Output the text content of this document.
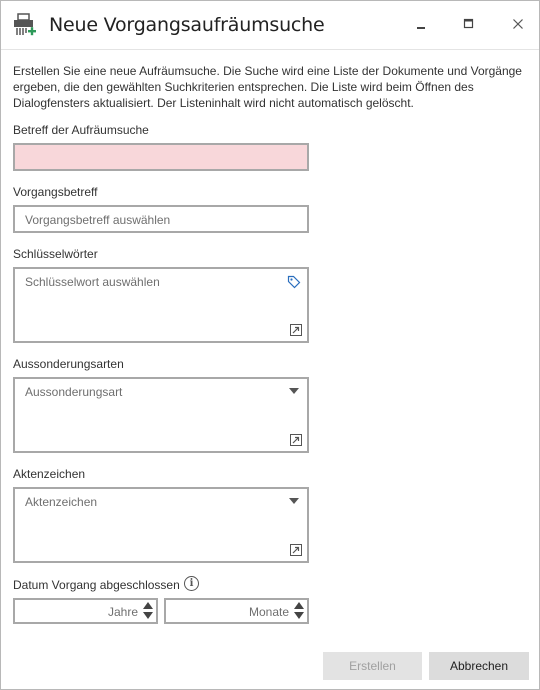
Neue Vorgangsaufräumsuche

Erstellen Sie eine neue Aufräumsuche. Die Suche wird eine Liste der Dokumente und Vorgänge ergeben, die den gewählten Suchkriterien entsprechen. Die Liste wird beim Öffnen des Dialogfensters aktualisiert. Der Listeninhalt wird nicht automatisch gelöscht.

Betreff der Aufräumsuche
Vorgangsbetreff
Vorgangsbetreff auswählen
Schlüsselwörter
Schlüsselwort auswählen
Aussonderungsarten
Aussonderungsart
Aktenzeichen
Aktenzeichen
Datum Vorgang abgeschlossen i
Jahre	Monate
Erstellen	Abbrechen
